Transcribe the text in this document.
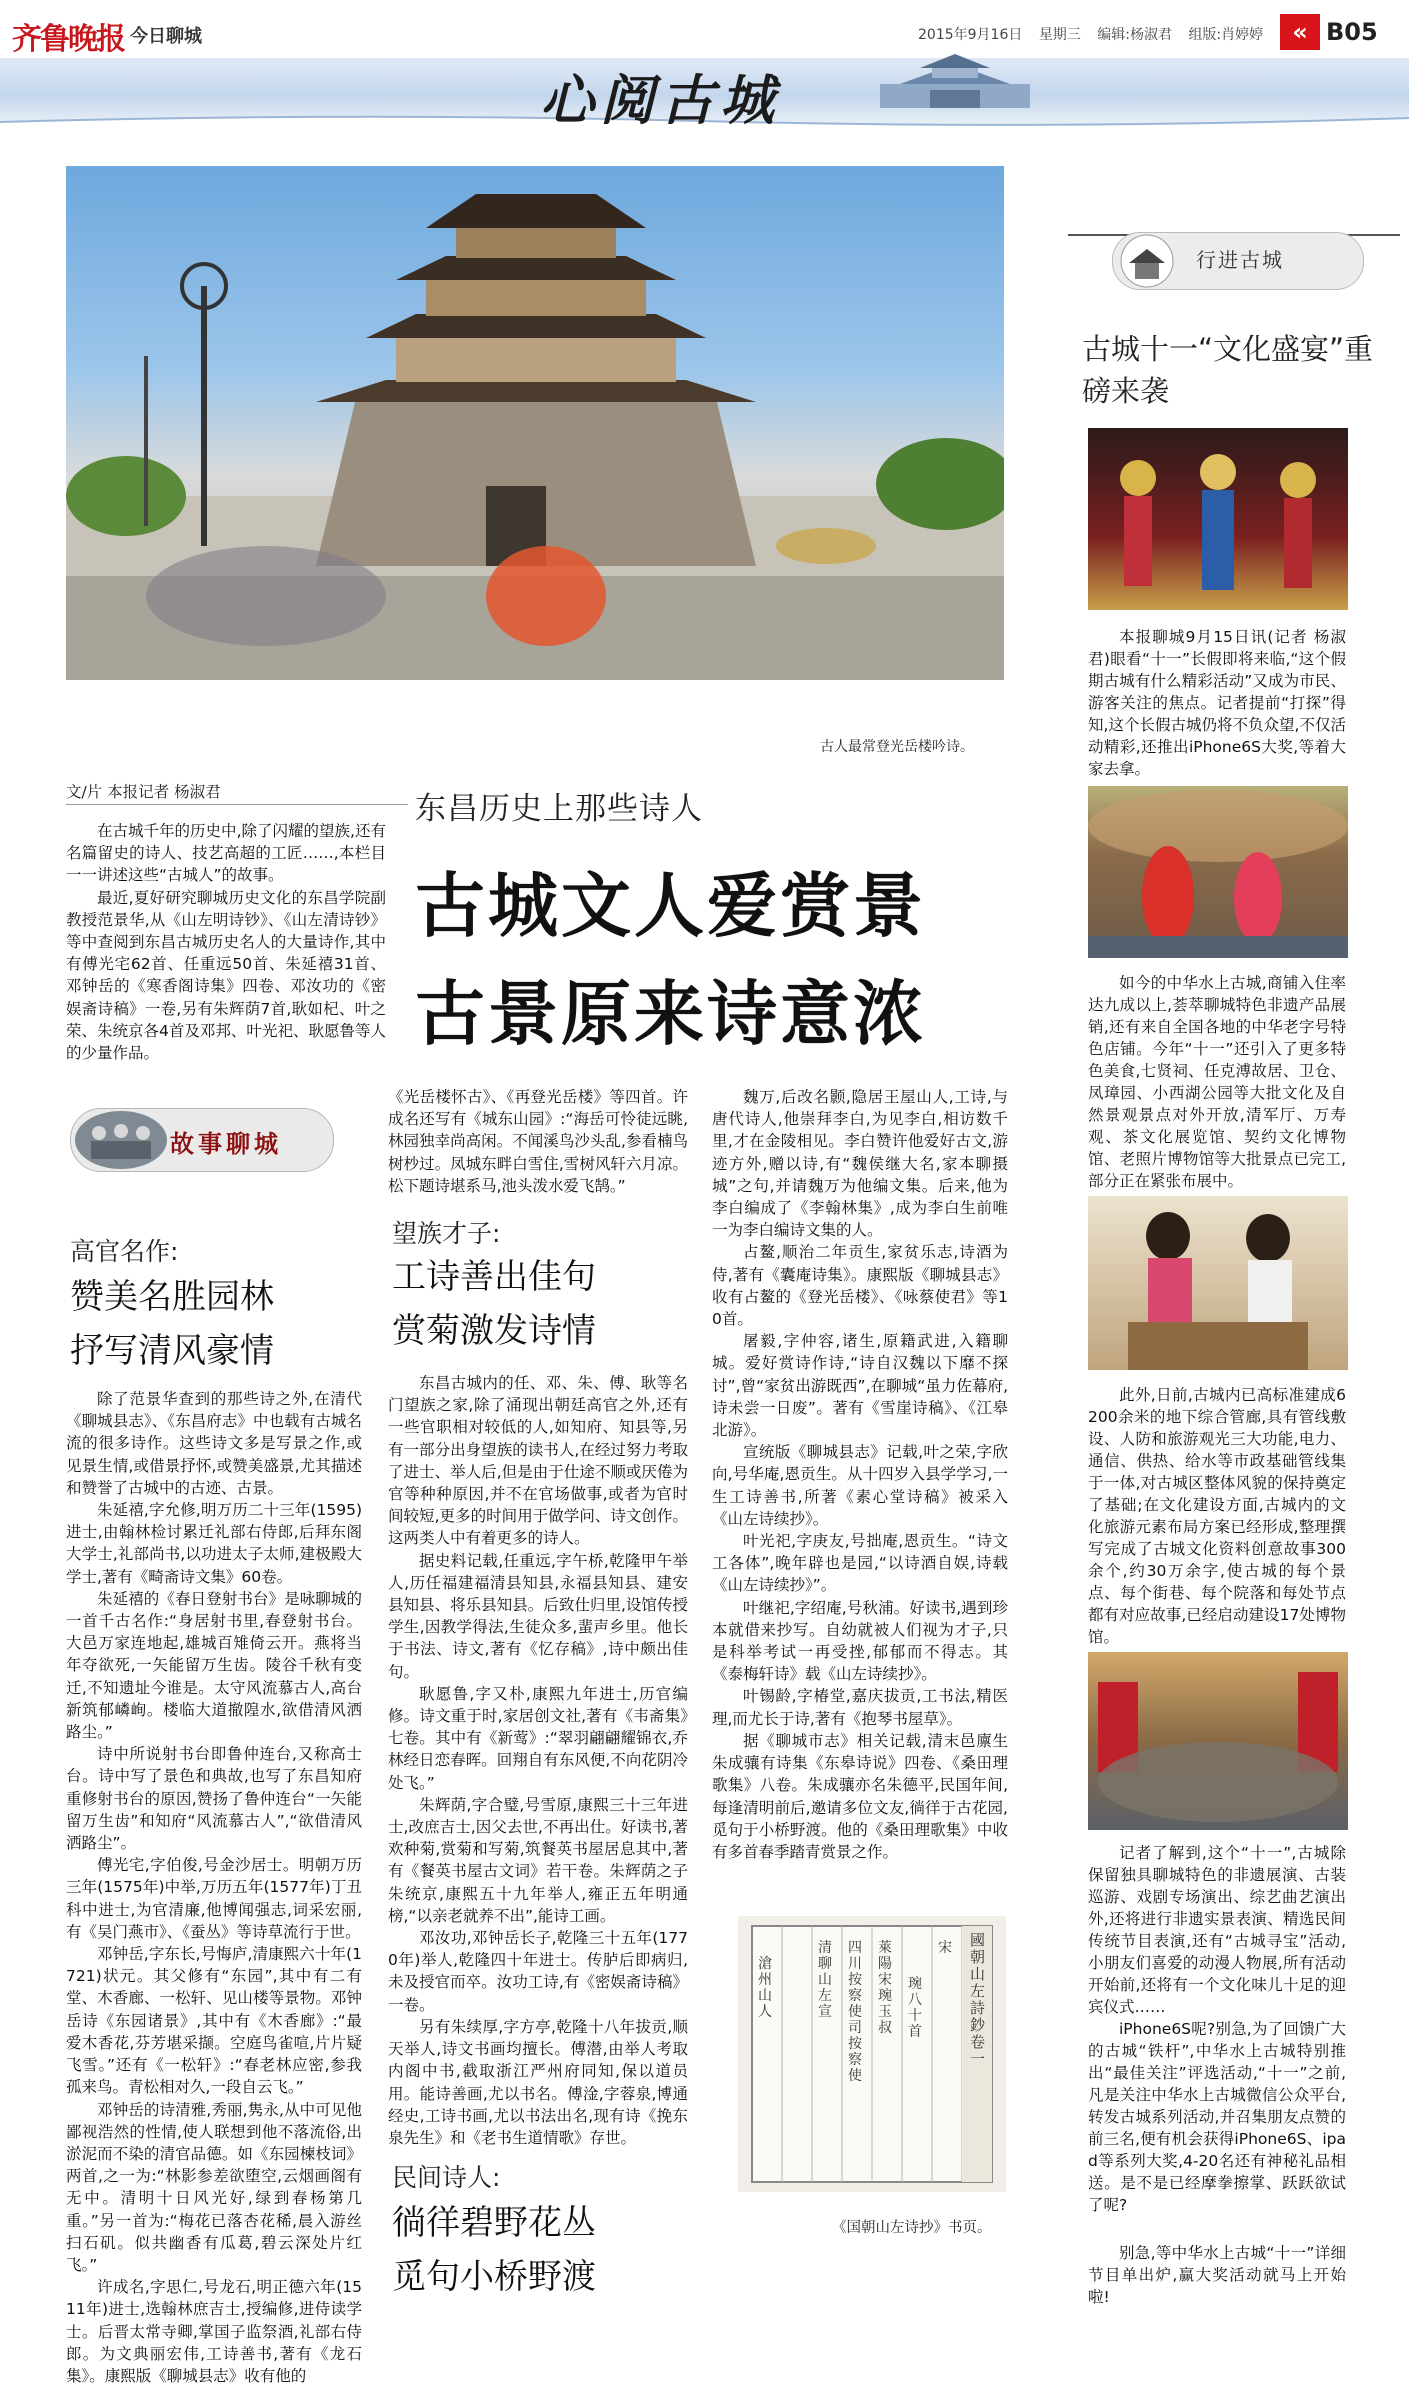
齐鲁晚报 今日聊城	2015年9月16日 星期三 编辑:杨淑君 组版:肖婷婷	« B05
心阅古城
古人最常登光岳楼吟诗。
行进古城
古城十一“文化盛宴”重磅来袭
本报聊城9月15日讯(记者 杨淑君)眼看“十一”长假即将来临,“这个假期古城有什么精彩活动”又成为市民、游客关注的焦点。记者提前“打探”得知,这个长假古城仍将不负众望,不仅活动精彩,还推出iPhone6S大奖,等着大家去拿。
如今的中华水上古城,商铺入住率达九成以上,荟萃聊城特色非遗产品展销,还有来自全国各地的中华老字号特色店铺。今年“十一”还引入了更多特色美食,七贤祠、任克溥故居、卫仓、凤璋园、小西湖公园等大批文化及自然景观景点对外开放,清军厅、万寿观、茶文化展览馆、契约文化博物馆、老照片博物馆等大批景点已完工,部分正在紧张布展中。
此外,日前,古城内已高标准建成6200余米的地下综合管廊,具有管线敷设、人防和旅游观光三大功能,电力、通信、供热、给水等市政基础管线集于一体,对古城区整体风貌的保持奠定了基础;在文化建设方面,古城内的文化旅游元素布局方案已经形成,整理撰写完成了古城文化资料创意故事300余个,约30万余字,使古城的每个景点、每个街巷、每个院落和每处节点都有对应故事,已经启动建设17处博物馆。
记者了解到,这个“十一”,古城除保留独具聊城特色的非遗展演、古装巡游、戏剧专场演出、综艺曲艺演出外,还将进行非遗实景表演、精选民间传统节目表演,还有“古城寻宝”活动,小朋友们喜爱的动漫人物展,所有活动开始前,还将有一个文化味儿十足的迎宾仪式……
iPhone6S呢?别急,为了回馈广大的古城“铁杆”,中华水上古城特别推出“最佳关注”评选活动,“十一”之前,凡是关注中华水上古城微信公众平台,转发古城系列活动,并召集朋友点赞的前三名,便有机会获得iPhone6S、ipad等系列大奖,4-20名还有神秘礼品相送。是不是已经摩拳擦掌、跃跃欲试了呢?
别急,等中华水上古城“十一”详细节目单出炉,赢大奖活动就马上开始啦!
文/片 本报记者 杨淑君

在古城千年的历史中,除了闪耀的望族,还有名篇留史的诗人、技艺高超的工匠……,本栏目一一讲述这些“古城人”的故事。

最近,夏好研究聊城历史文化的东昌学院副教授范景华,从《山左明诗钞》、《山左清诗钞》等中查阅到东昌古城历史名人的大量诗作,其中有傅光宅62首、任重远50首、朱延禧31首、邓钟岳的《寒香阁诗集》四卷、邓汝功的《密娱斋诗稿》一卷,另有朱辉荫7首,耿如杞、叶之荣、朱统京各4首及邓邦、叶光祀、耿愿鲁等人的少量作品。

东昌历史上那些诗人
古城文人爱赏景
古景原来诗意浓
故事聊城
高官名作:
赞美名胜园林
抒写清风豪情

除了范景华查到的那些诗之外,在清代《聊城县志》、《东昌府志》中也载有古城名流的很多诗作。这些诗文多是写景之作,或见景生情,或借景抒怀,或赞美盛景,尤其描述和赞誉了古城中的古迹、古景。

朱延禧,字允修,明万历二十三年(1595)进士,由翰林检讨累迁礼部右侍郎,后拜东阁大学士,礼部尚书,以功进太子太师,建极殿大学士,著有《畸斋诗文集》60卷。

朱延禧的《春日登射书台》是咏聊城的一首千古名作:“身居射书里,春登射书台。大邑万家连地起,雄城百雉倚云开。燕将当年夺欲死,一矢能留万生齿。陵谷千秋有变迁,不知遗址今谁是。太守风流慕古人,高台新筑郁嶙峋。楼临大道撤隍水,欲借清风洒路尘。”

诗中所说射书台即鲁仲连台,又称高士台。诗中写了景色和典故,也写了东昌知府重修射书台的原因,赞扬了鲁仲连台“一矢能留万生齿”和知府“风流慕古人”,“欲借清风洒路尘”。

傅光宅,字伯俊,号金沙居士。明朝万历三年(1575年)中举,万历五年(1577年)丁丑科中进士,为官清廉,他博闻强志,词采宏丽,有《吴门燕市》、《蚕丛》等诗草流行于世。

邓钟岳,字东长,号悔庐,清康熙六十年(1721)状元。其父修有“东园”,其中有二有堂、木香廊、一松轩、见山楼等景物。邓钟岳诗《东园诸景》,其中有《木香廊》:“最爱木香花,芬芳堪采撷。空庭鸟雀喧,片片疑飞雪。”还有《一松轩》:“春老林应密,参我孤来鸟。青松相对久,一段自云飞。”

邓钟岳的诗清雅,秀丽,隽永,从中可见他鄙视浩然的性情,使人联想到他不落流俗,出淤泥而不染的清官品德。如《东园楝枝词》两首,之一为:“林影参差欲堕空,云烟画阁有无中。清明十日风光好,绿到春杨第几重。”另一首为:“梅花已落杏花稀,晨入游丝扫石矶。似共幽香有瓜葛,碧云深处片红飞。”

许成名,字思仁,号龙石,明正德六年(1511年)进士,选翰林庶吉士,授编修,进侍读学士。后晋太常寺卿,掌国子监祭酒,礼部右侍郎。为文典丽宏伟,工诗善书,著有《龙石集》。康熙版《聊城县志》收有他的

《光岳楼怀古》、《再登光岳楼》等四首。许成名还写有《城东山园》:“海岳可怜徒远眺,林园独幸尚高闲。不闻溪鸟沙头乱,参看楠鸟树杪过。凤城东畔白雪住,雪树风轩六月凉。松下题诗堪系马,池头泼水爱飞鹄。”

望族才子:
工诗善出佳句
赏菊激发诗情

东昌古城内的任、邓、朱、傅、耿等名门望族之家,除了涌现出朝廷高官之外,还有一些官职相对较低的人,如知府、知县等,另有一部分出身望族的读书人,在经过努力考取了进士、举人后,但是由于仕途不顺或厌倦为官等种种原因,并不在官场做事,或者为官时间较短,更多的时间用于做学问、诗文创作。这两类人中有着更多的诗人。

据史料记载,任重远,字午桥,乾隆甲午举人,历任福建福清县知县,永福县知县、建安县知县、将乐县知县。后致仕归里,设馆传授学生,因教学得法,生徒众多,蜚声乡里。他长于书法、诗文,著有《忆存稿》,诗中颇出佳句。

耿愿鲁,字又朴,康熙九年进士,历官编修。诗文重于时,家居创文社,著有《韦斋集》七卷。其中有《新莺》:“翠羽翩翩耀锦衣,乔林经日恋春晖。回翔自有东风便,不向花阴冷处飞。”

朱辉荫,字合璧,号雪原,康熙三十三年进士,改庶吉士,因父去世,不再出仕。好读书,著欢种菊,赏菊和写菊,筑餐英书屋居息其中,著有《餐英书屋古文词》若干卷。朱辉荫之子朱统京,康熙五十九年举人,雍正五年明通榜,“以亲老就养不出”,能诗工画。

邓汝功,邓钟岳长子,乾隆三十五年(1770年)举人,乾隆四十年进士。传胪后即病归,未及授官而卒。汝功工诗,有《密娱斋诗稿》一卷。

另有朱续厚,字方亭,乾隆十八年拔贡,顺天举人,诗文书画均擅长。傅潜,由举人考取内阁中书,截取浙江严州府同知,保以道员用。能诗善画,尤以书名。傅淦,字蓉泉,博通经史,工诗书画,尤以书法出名,现有诗《挽东泉先生》和《老书生道情歌》存世。

民间诗人:
徜徉碧野花丛
觅句小桥野渡

魏万,后改名颢,隐居王屋山人,工诗,与唐代诗人,他崇拜李白,为见李白,相访数千里,才在金陵相见。李白赞许他爱好古文,游迹方外,赠以诗,有“魏侯继大名,家本聊摄城”之句,并请魏万为他编文集。后来,他为李白编成了《李翰林集》,成为李白生前唯一为李白编诗文集的人。

占鳌,顺治二年贡生,家贫乐志,诗酒为侍,著有《囊庵诗集》。康熙版《聊城县志》收有占鳌的《登光岳楼》、《咏蔡使君》等10首。

屠毅,字仲容,诸生,原籍武进,入籍聊城。爱好赏诗作诗,“诗自汉魏以下靡不探讨”,曾“家贫出游既西”,在聊城“虽力佐幕府,诗未尝一日废”。著有《雪崖诗稿》、《江皋北游》。

宣统版《聊城县志》记载,叶之荣,字欣向,号华庵,恩贡生。从十四岁入县学学习,一生工诗善书,所著《素心堂诗稿》被采入《山左诗续抄》。

叶光祀,字庚友,号拙庵,恩贡生。“诗文工各体”,晚年辟也是园,“以诗酒自娱,诗载《山左诗续抄》”。

叶继祀,字绍庵,号秋浦。好读书,遇到珍本就借来抄写。自幼就被人们视为才子,只是科举考试一再受挫,郁郁而不得志。其《泰梅轩诗》载《山左诗续抄》。

叶锡龄,字椿堂,嘉庆拔贡,工书法,精医理,而尤长于诗,著有《抱琴书屋草》。

据《聊城市志》相关记载,清末邑廪生朱成骧有诗集《东皋诗说》四卷、《桑田理歌集》八卷。朱成骧亦名朱德平,民国年间,每逢清明前后,邀请多位文友,徜徉于古花园,觅句于小桥野渡。他的《桑田理歌集》中收有多首春季踏青赏景之作。

國朝山左詩鈔卷一
宋
琬八十首
萊陽宋琬玉叔
四川按察使司按察使
清聊山左宣
滄州山人
《国朝山左诗抄》书页。
